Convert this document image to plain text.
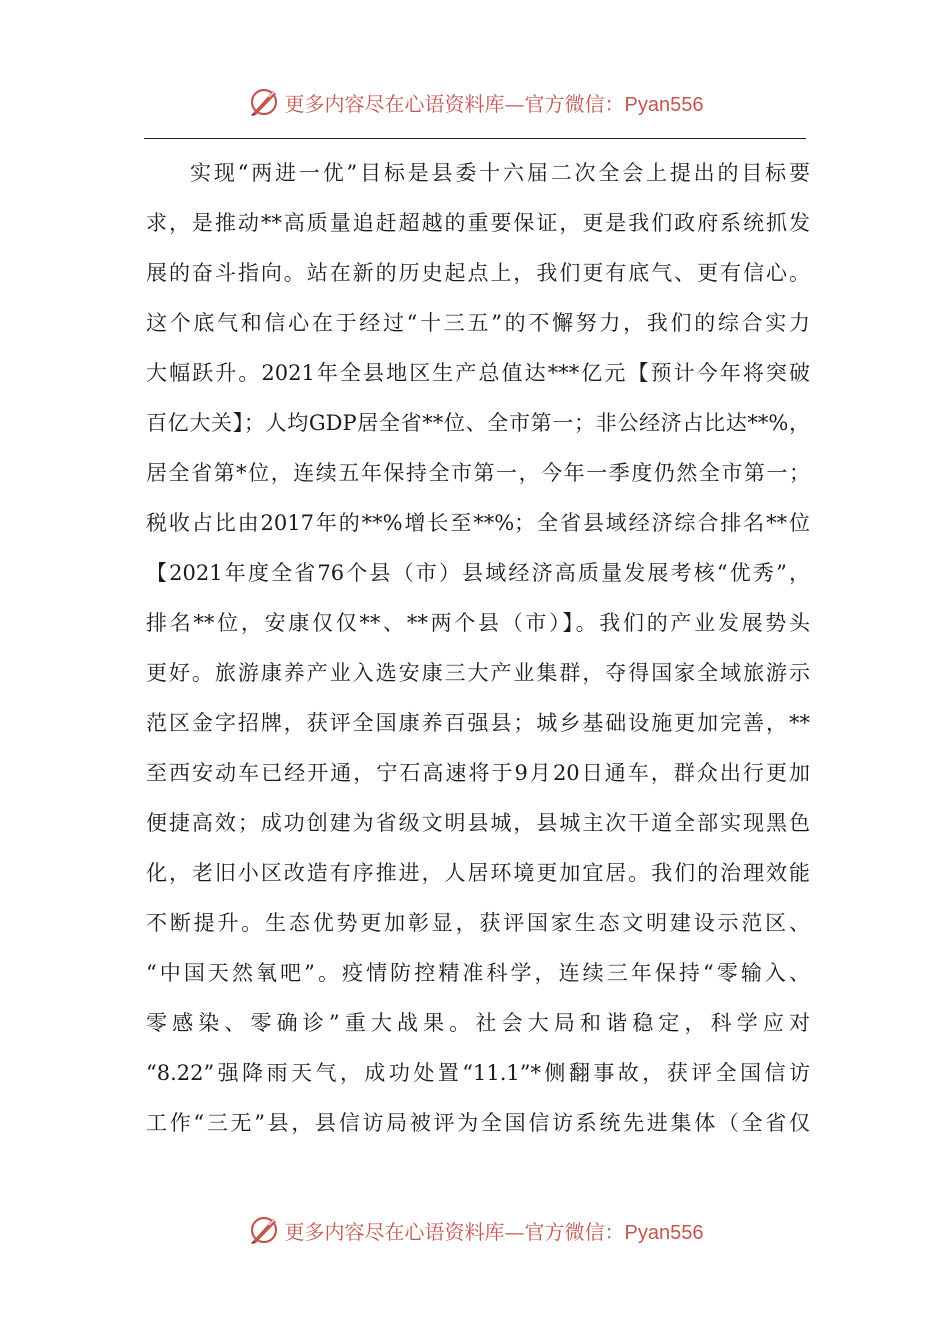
更多内容尽在心语资料库—官方微信：Pyan556
实现“两进一优”目标是县委十六届二次全会上提出的目标要
求，是推动**高质量追赶超越的重要保证，更是我们政府系统抓发
展的奋斗指向。站在新的历史起点上，我们更有底气、更有信心。
这个底气和信心在于经过“十三五”的不懈努力，我们的综合实力
大幅跃升。2021年全县地区生产总值达***亿元【预计今年将突破
百亿大关】；人均GDP居全省**位、全市第一；非公经济占比达**%，
居全省第*位，连续五年保持全市第一，今年一季度仍然全市第一；
税收占比由2017年的**%增长至**%；全省县域经济综合排名**位
【2021年度全省76个县（市）县域经济高质量发展考核“优秀”，
排名**位，安康仅仅**、**两个县（市）】。我们的产业发展势头
更好。旅游康养产业入选安康三大产业集群，夺得国家全域旅游示
范区金字招牌，获评全国康养百强县；城乡基础设施更加完善，**
至西安动车已经开通，宁石高速将于9月20日通车，群众出行更加
便捷高效；成功创建为省级文明县城，县城主次干道全部实现黑色
化，老旧小区改造有序推进，人居环境更加宜居。我们的治理效能
不断提升。生态优势更加彰显，获评国家生态文明建设示范区、
“中国天然氧吧”。疫情防控精准科学，连续三年保持“零输入、
零感染、零确诊”重大战果。社会大局和谐稳定，科学应对
“8.22”强降雨天气，成功处置“11.1”*侧翻事故，获评全国信访
工作“三无”县，县信访局被评为全国信访系统先进集体（全省仅
更多内容尽在心语资料库—官方微信：Pyan556
